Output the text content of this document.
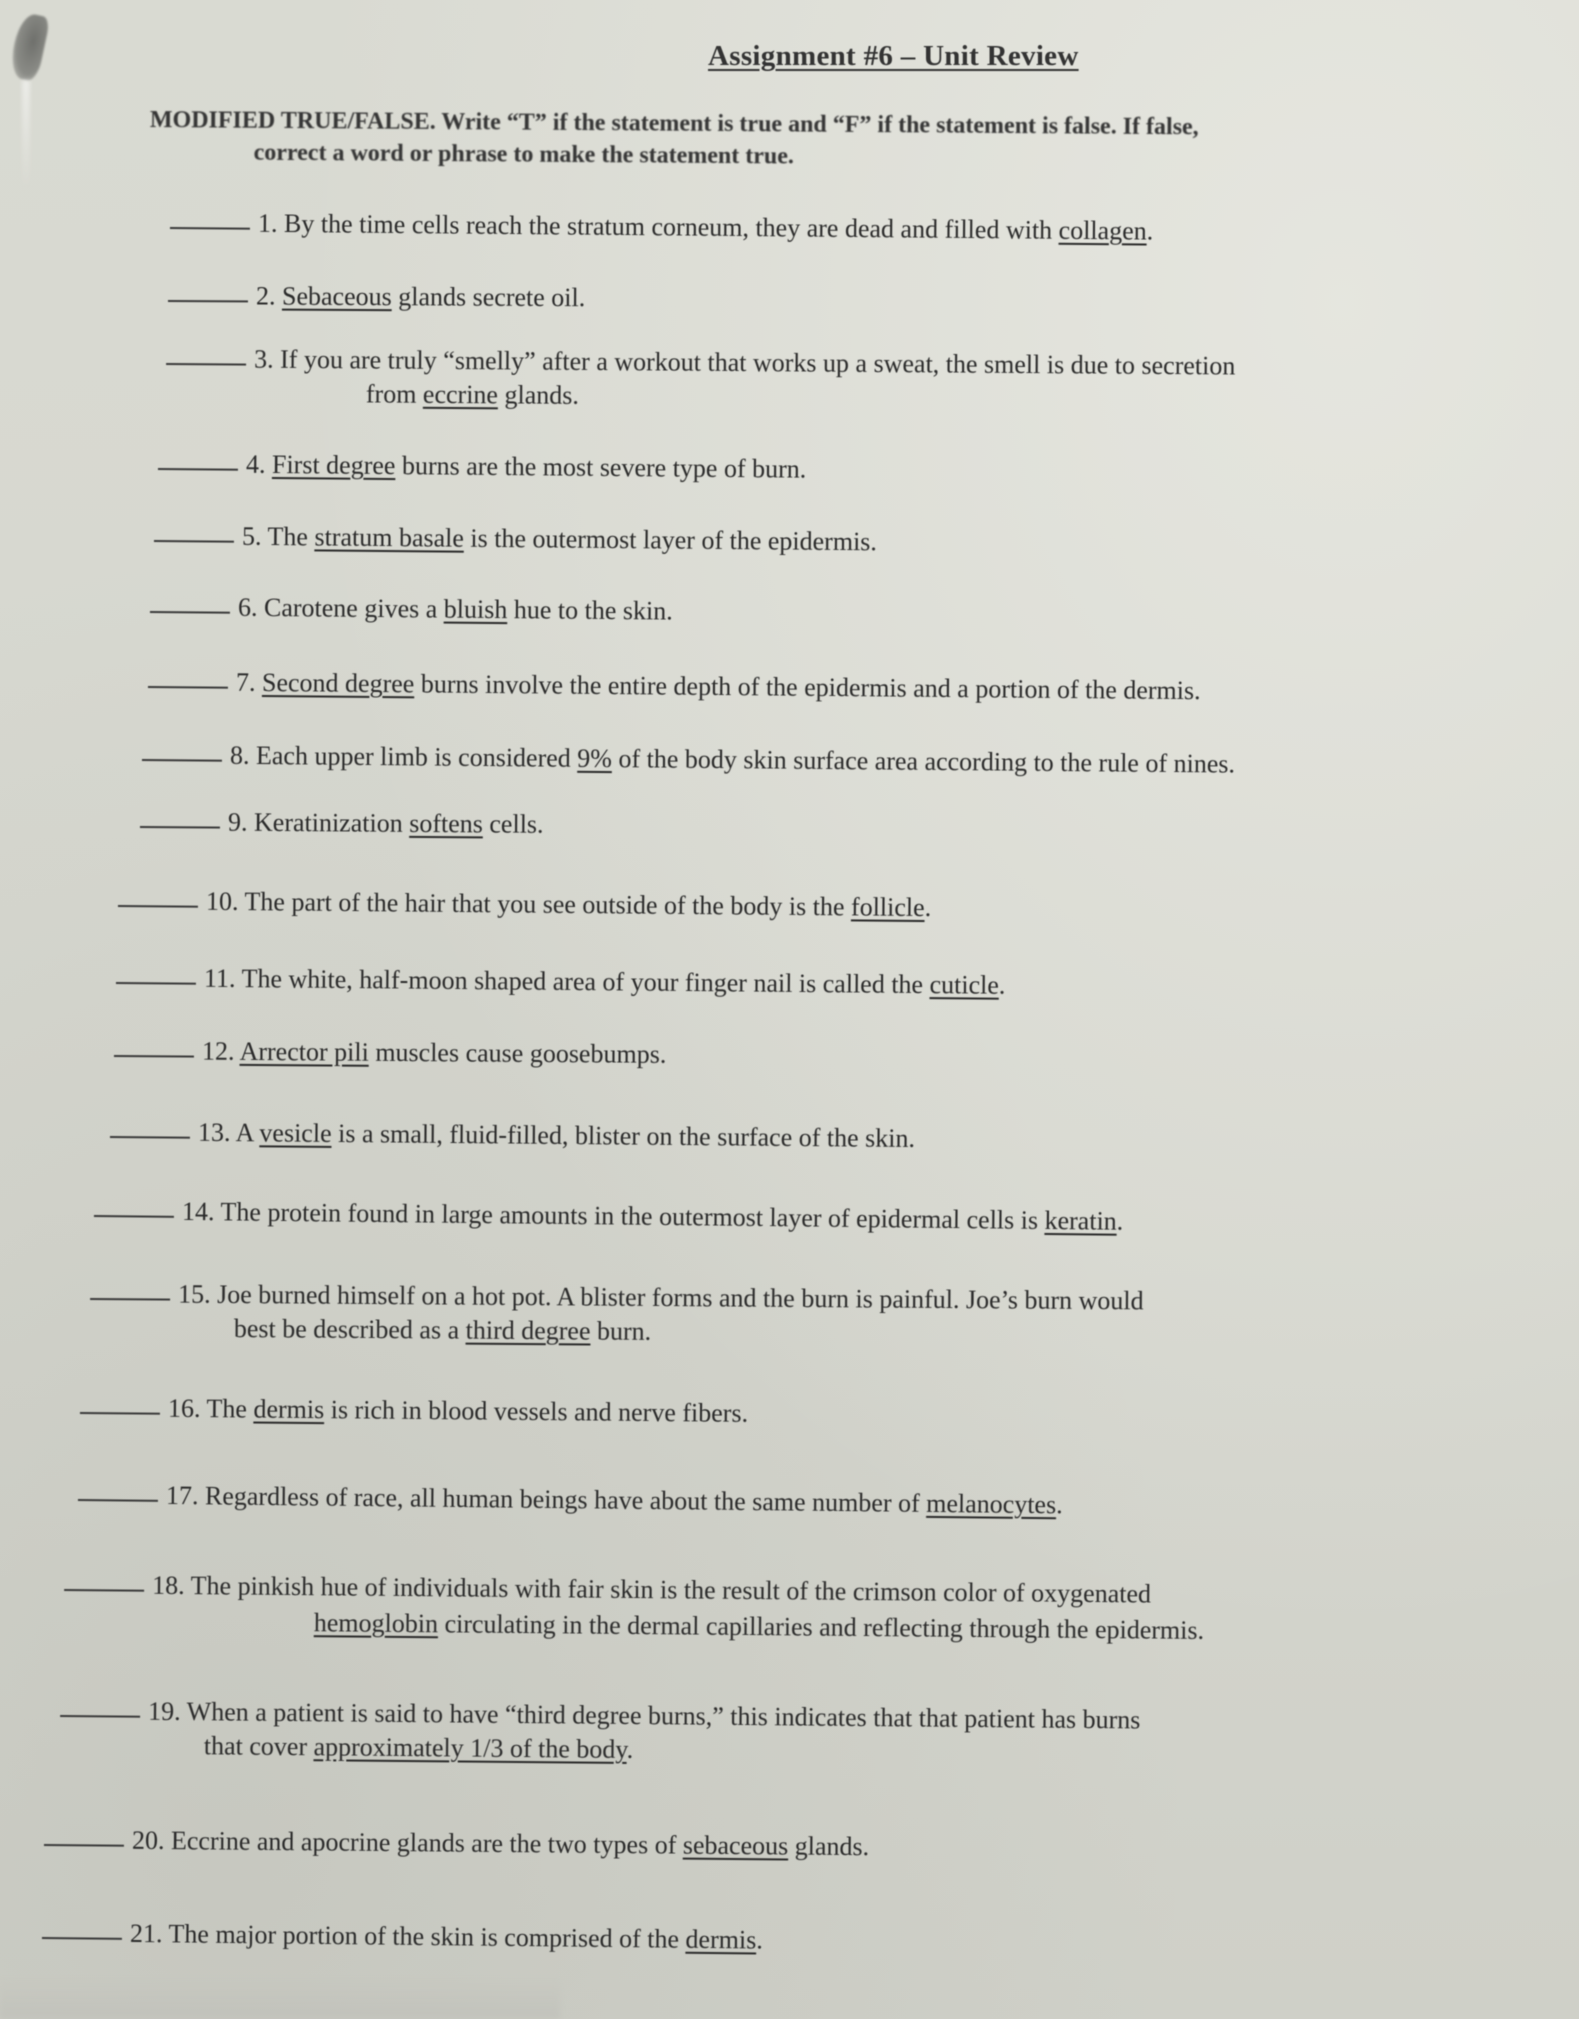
Assignment #6 – Unit Review
MODIFIED TRUE/FALSE. Write “T” if the statement is true and “F” if the statement is false. If false,
correct a word or phrase to make the statement true.
1. By the time cells reach the stratum corneum, they are dead and filled with collagen.
2. Sebaceous glands secrete oil.
3. If you are truly “smelly” after a workout that works up a sweat, the smell is due to secretion
from eccrine glands.
4. First degree burns are the most severe type of burn.
5. The stratum basale is the outermost layer of the epidermis.
6. Carotene gives a bluish hue to the skin.
7. Second degree burns involve the entire depth of the epidermis and a portion of the dermis.
8. Each upper limb is considered 9% of the body skin surface area according to the rule of nines.
9. Keratinization softens cells.
10. The part of the hair that you see outside of the body is the follicle.
11. The white, half-moon shaped area of your finger nail is called the cuticle.
12. Arrector pili muscles cause goosebumps.
13. A vesicle is a small, fluid-filled, blister on the surface of the skin.
14. The protein found in large amounts in the outermost layer of epidermal cells is keratin.
15. Joe burned himself on a hot pot. A blister forms and the burn is painful. Joe’s burn would
best be described as a third degree burn.
16. The dermis is rich in blood vessels and nerve fibers.
17. Regardless of race, all human beings have about the same number of melanocytes.
18. The pinkish hue of individuals with fair skin is the result of the crimson color of oxygenated
hemoglobin circulating in the dermal capillaries and reflecting through the epidermis.
19. When a patient is said to have “third degree burns,” this indicates that that patient has burns
that cover approximately 1/3 of the body.
20. Eccrine and apocrine glands are the two types of sebaceous glands.
21. The major portion of the skin is comprised of the dermis.
